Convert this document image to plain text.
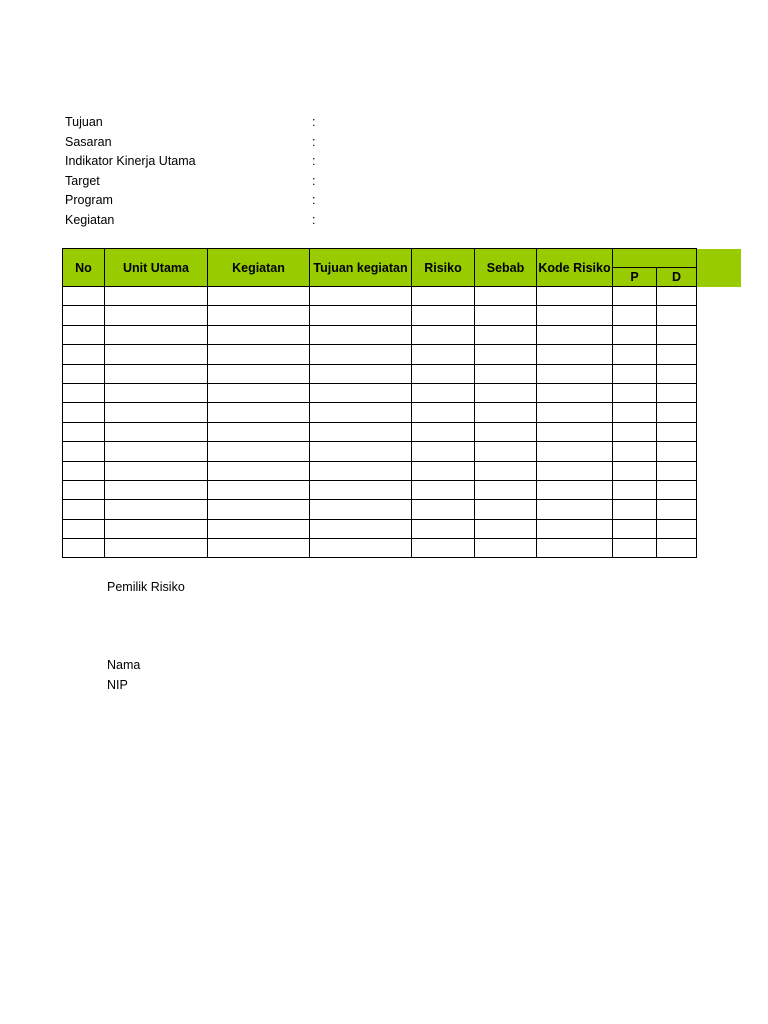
Tujuan	:
Sasaran	:
Indikator Kinerja Utama	:
Target	:
Program	:
Kegiatan	:
No	Unit Utama	Kegiatan	Tujuan kegiatan	Risiko	Sebab	Kode Risiko		
							P	D

Pemilik Risiko
Nama
NIP
